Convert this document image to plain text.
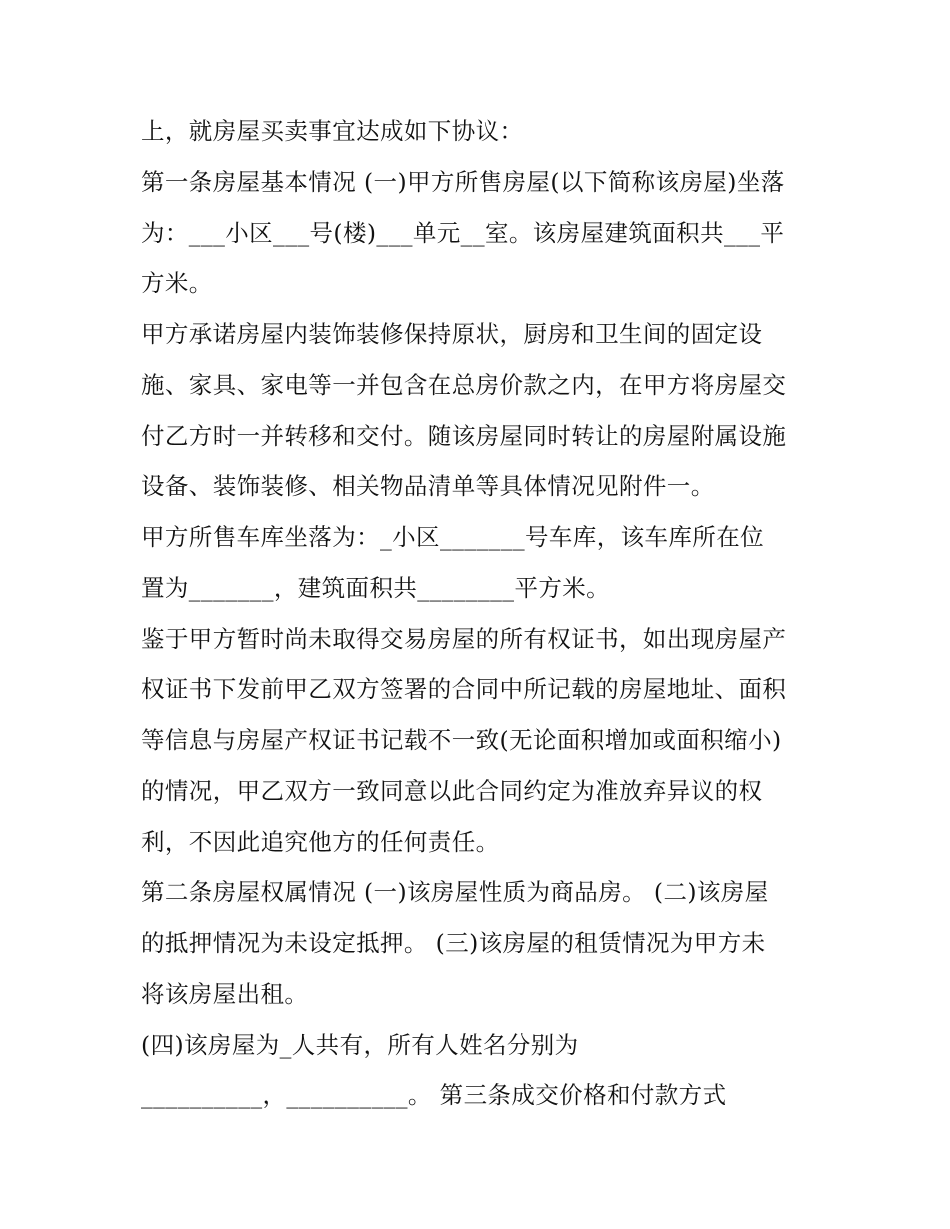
上，就房屋买卖事宜达成如下协议：
第一条房屋基本情况 (一)甲方所售房屋(以下简称该房屋)坐落
为：___小区___号(楼)___单元__室。该房屋建筑面积共___平
方米。
甲方承诺房屋内装饰装修保持原状，厨房和卫生间的固定设
施、家具、家电等一并包含在总房价款之内，在甲方将房屋交
付乙方时一并转移和交付。随该房屋同时转让的房屋附属设施
设备、装饰装修、相关物品清单等具体情况见附件一。
甲方所售车库坐落为：_小区_______号车库，该车库所在位
置为_______，建筑面积共________平方米。
鉴于甲方暂时尚未取得交易房屋的所有权证书，如出现房屋产
权证书下发前甲乙双方签署的合同中所记载的房屋地址、面积
等信息与房屋产权证书记载不一致(无论面积增加或面积缩小)
的情况，甲乙双方一致同意以此合同约定为准放弃异议的权
利，不因此追究他方的任何责任。
第二条房屋权属情况 (一)该房屋性质为商品房。 (二)该房屋
的抵押情况为未设定抵押。 (三)该房屋的租赁情况为甲方未
将该房屋出租。
(四)该房屋为_人共有，所有人姓名分别为
__________，__________。 第三条成交价格和付款方式
